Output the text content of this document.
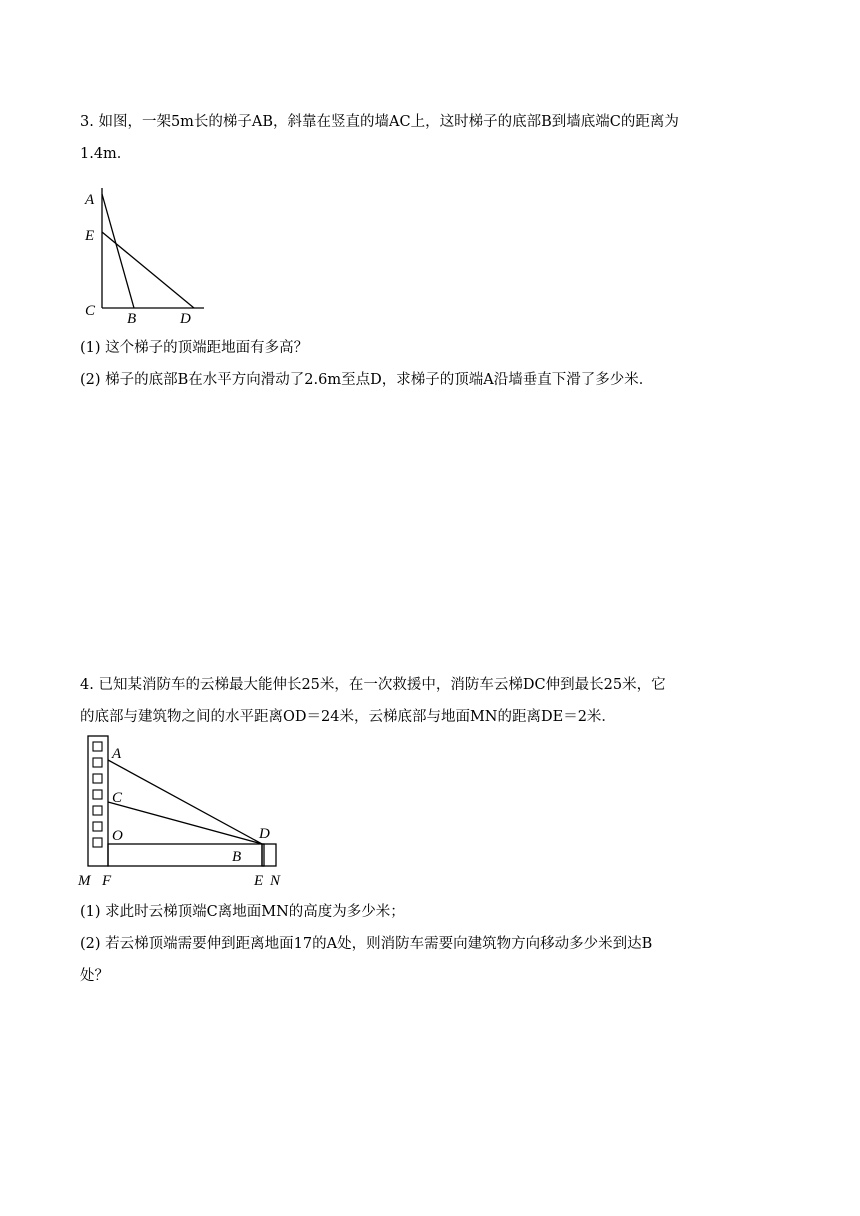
3. 如图，一架5m长的梯子AB，斜靠在竖直的墙AC上，这时梯子的底部B到墙底端C的距离为
1.4m．
A
E
C B	D
(1) 这个梯子的顶端距地面有多高？
(2) 梯子的底部B在水平方向滑动了2.6m至点D，求梯子的顶端A沿墙垂直下滑了多少米．
4. 已知某消防车的云梯最大能伸长25米，在一次救援中，消防车云梯DC伸到最长25米，它
的底部与建筑物之间的水平距离OD＝24米，云梯底部与地面MN的距离DE＝2米．
A
C
O	D
B
M F	E N
(1) 求此时云梯顶端C离地面MN的高度为多少米；
(2) 若云梯顶端需要伸到距离地面17的A处，则消防车需要向建筑物方向移动多少米到达B
处？
